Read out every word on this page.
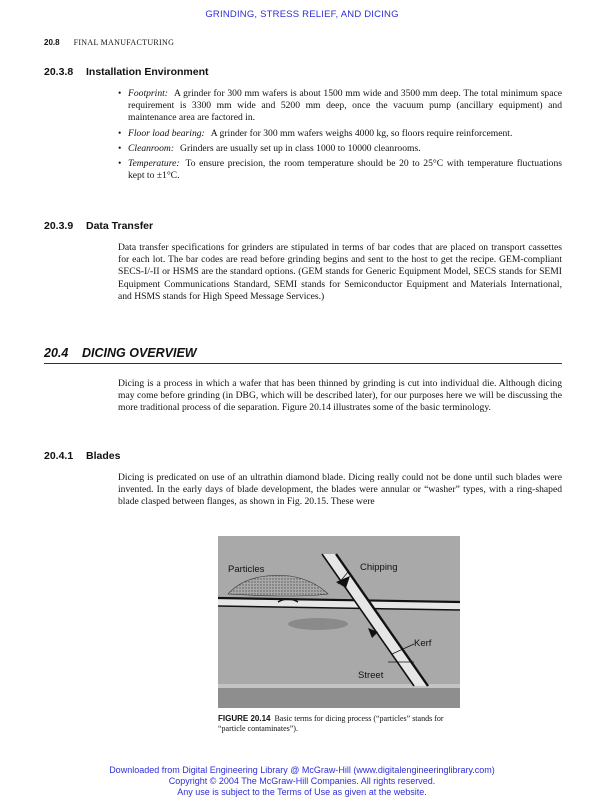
GRINDING, STRESS RELIEF, AND DICING
20.8 FINAL MANUFACTURING
20.3.8 Installation Environment
• Footprint: A grinder for 300 mm wafers is about 1500 mm wide and 3500 mm deep. The total minimum space requirement is 3300 mm wide and 5200 mm deep, once the vacuum pump (ancillary equipment) and maintenance area are factored in.
• Floor load bearing: A grinder for 300 mm wafers weighs 4000 kg, so floors require reinforcement.
• Cleanroom: Grinders are usually set up in class 1000 to 10000 cleanrooms.
• Temperature: To ensure precision, the room temperature should be 20 to 25°C with temperature fluctuations kept to ±1°C.
20.3.9 Data Transfer

Data transfer specifications for grinders are stipulated in terms of bar codes that are placed on transport cassettes for each lot. The bar codes are read before grinding begins and sent to the host to get the recipe. GEM-compliant SECS-I/-II or HSMS are the standard options. (GEM stands for Generic Equipment Model, SECS stands for SEMI Equipment Communications Standard, SEMI stands for Semiconductor Equipment and Materials International, and HSMS stands for High Speed Message Services.)

20.4 DICING OVERVIEW

Dicing is a process in which a wafer that has been thinned by grinding is cut into individual die. Although dicing may come before grinding (in DBG, which will be described later), for our purposes here we will be discussing the more traditional process of die separation. Figure 20.14 illustrates some of the basic terminology.

20.4.1 Blades

Dicing is predicated on use of an ultrathin diamond blade. Dicing really could not be done until such blades were invented. In the early days of blade development, the blades were annular or “washer” types, with a ring-shaped blade clasped between flanges, as shown in Fig. 20.15. These were

Particles	Chipping
Kerf
Street

FIGURE 20.14 Basic terms for dicing process (“particles” stands for “particle contaminates”).

Downloaded from Digital Engineering Library @ McGraw-Hill (www.digitalengineeringlibrary.com)
Copyright © 2004 The McGraw-Hill Companies. All rights reserved.
Any use is subject to the Terms of Use as given at the website.
